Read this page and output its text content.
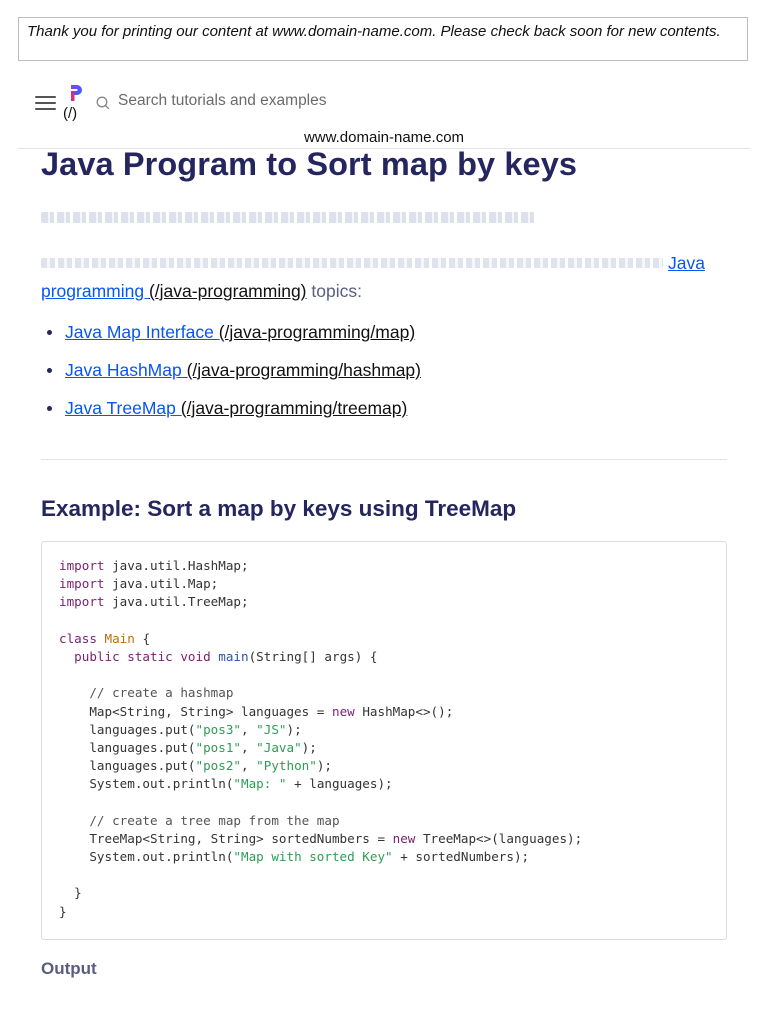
Thank you for printing our content at www.domain-name.com. Please check back soon for new contents.
(/)
Search tutorials and examples
www.domain-name.com
Java Program to Sort map by keys
Java
programming (/java-programming) topics:
Java Map Interface (/java-programming/map)
Java HashMap (/java-programming/hashmap)
Java TreeMap (/java-programming/treemap)
Example: Sort a map by keys using TreeMap
import java.util.HashMap;
import java.util.Map;
import java.util.TreeMap;
class Main {
public static void main(String[] args) {
// create a hashmap
Map<String, String> languages = new HashMap<>();
languages.put("pos3", "JS");
languages.put("pos1", "Java");
languages.put("pos2", "Python");
System.out.println("Map: " + languages);
// create a tree map from the map
TreeMap<String, String> sortedNumbers = new TreeMap<>(languages);
System.out.println("Map with sorted Key" + sortedNumbers);
}
}
Output
